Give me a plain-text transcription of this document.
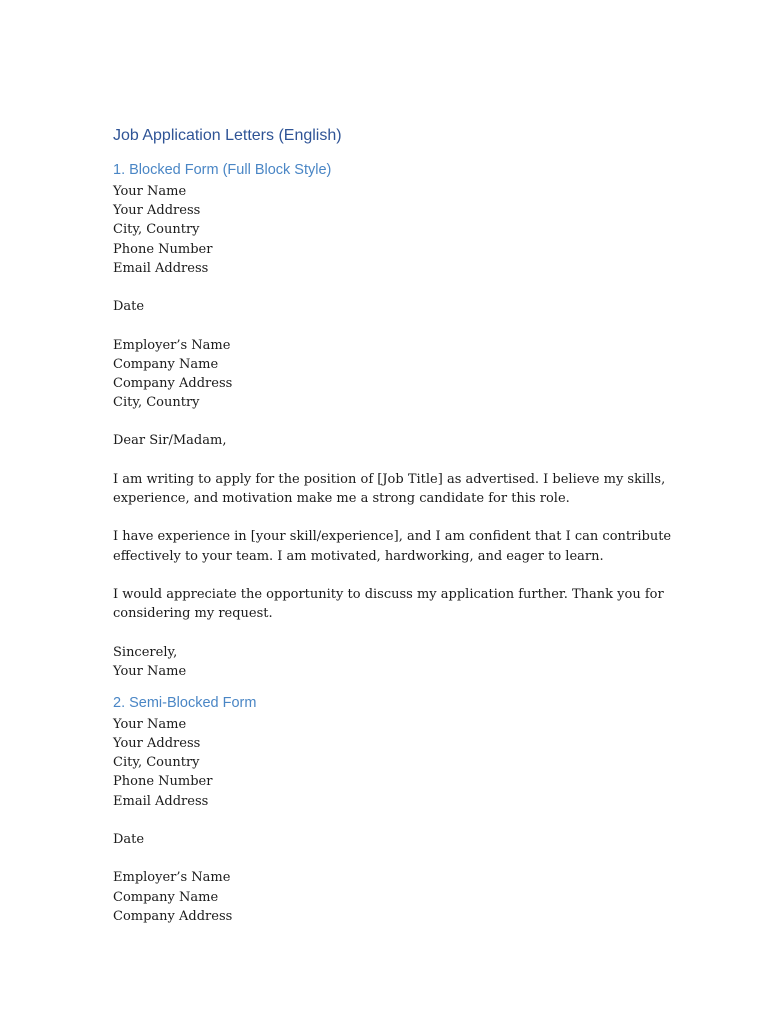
Job Application Letters (English)
1. Blocked Form (Full Block Style)
Your Name
Your Address
City, Country
Phone Number
Email Address
Date
Employer’s Name
Company Name
Company Address
City, Country
Dear Sir/Madam,
I am writing to apply for the position of [Job Title] as advertised. I believe my skills,
experience, and motivation make me a strong candidate for this role.
I have experience in [your skill/experience], and I am confident that I can contribute
effectively to your team. I am motivated, hardworking, and eager to learn.
I would appreciate the opportunity to discuss my application further. Thank you for
considering my request.
Sincerely,
Your Name
2. Semi-Blocked Form
Your Name
Your Address
City, Country
Phone Number
Email Address
Date
Employer’s Name
Company Name
Company Address
